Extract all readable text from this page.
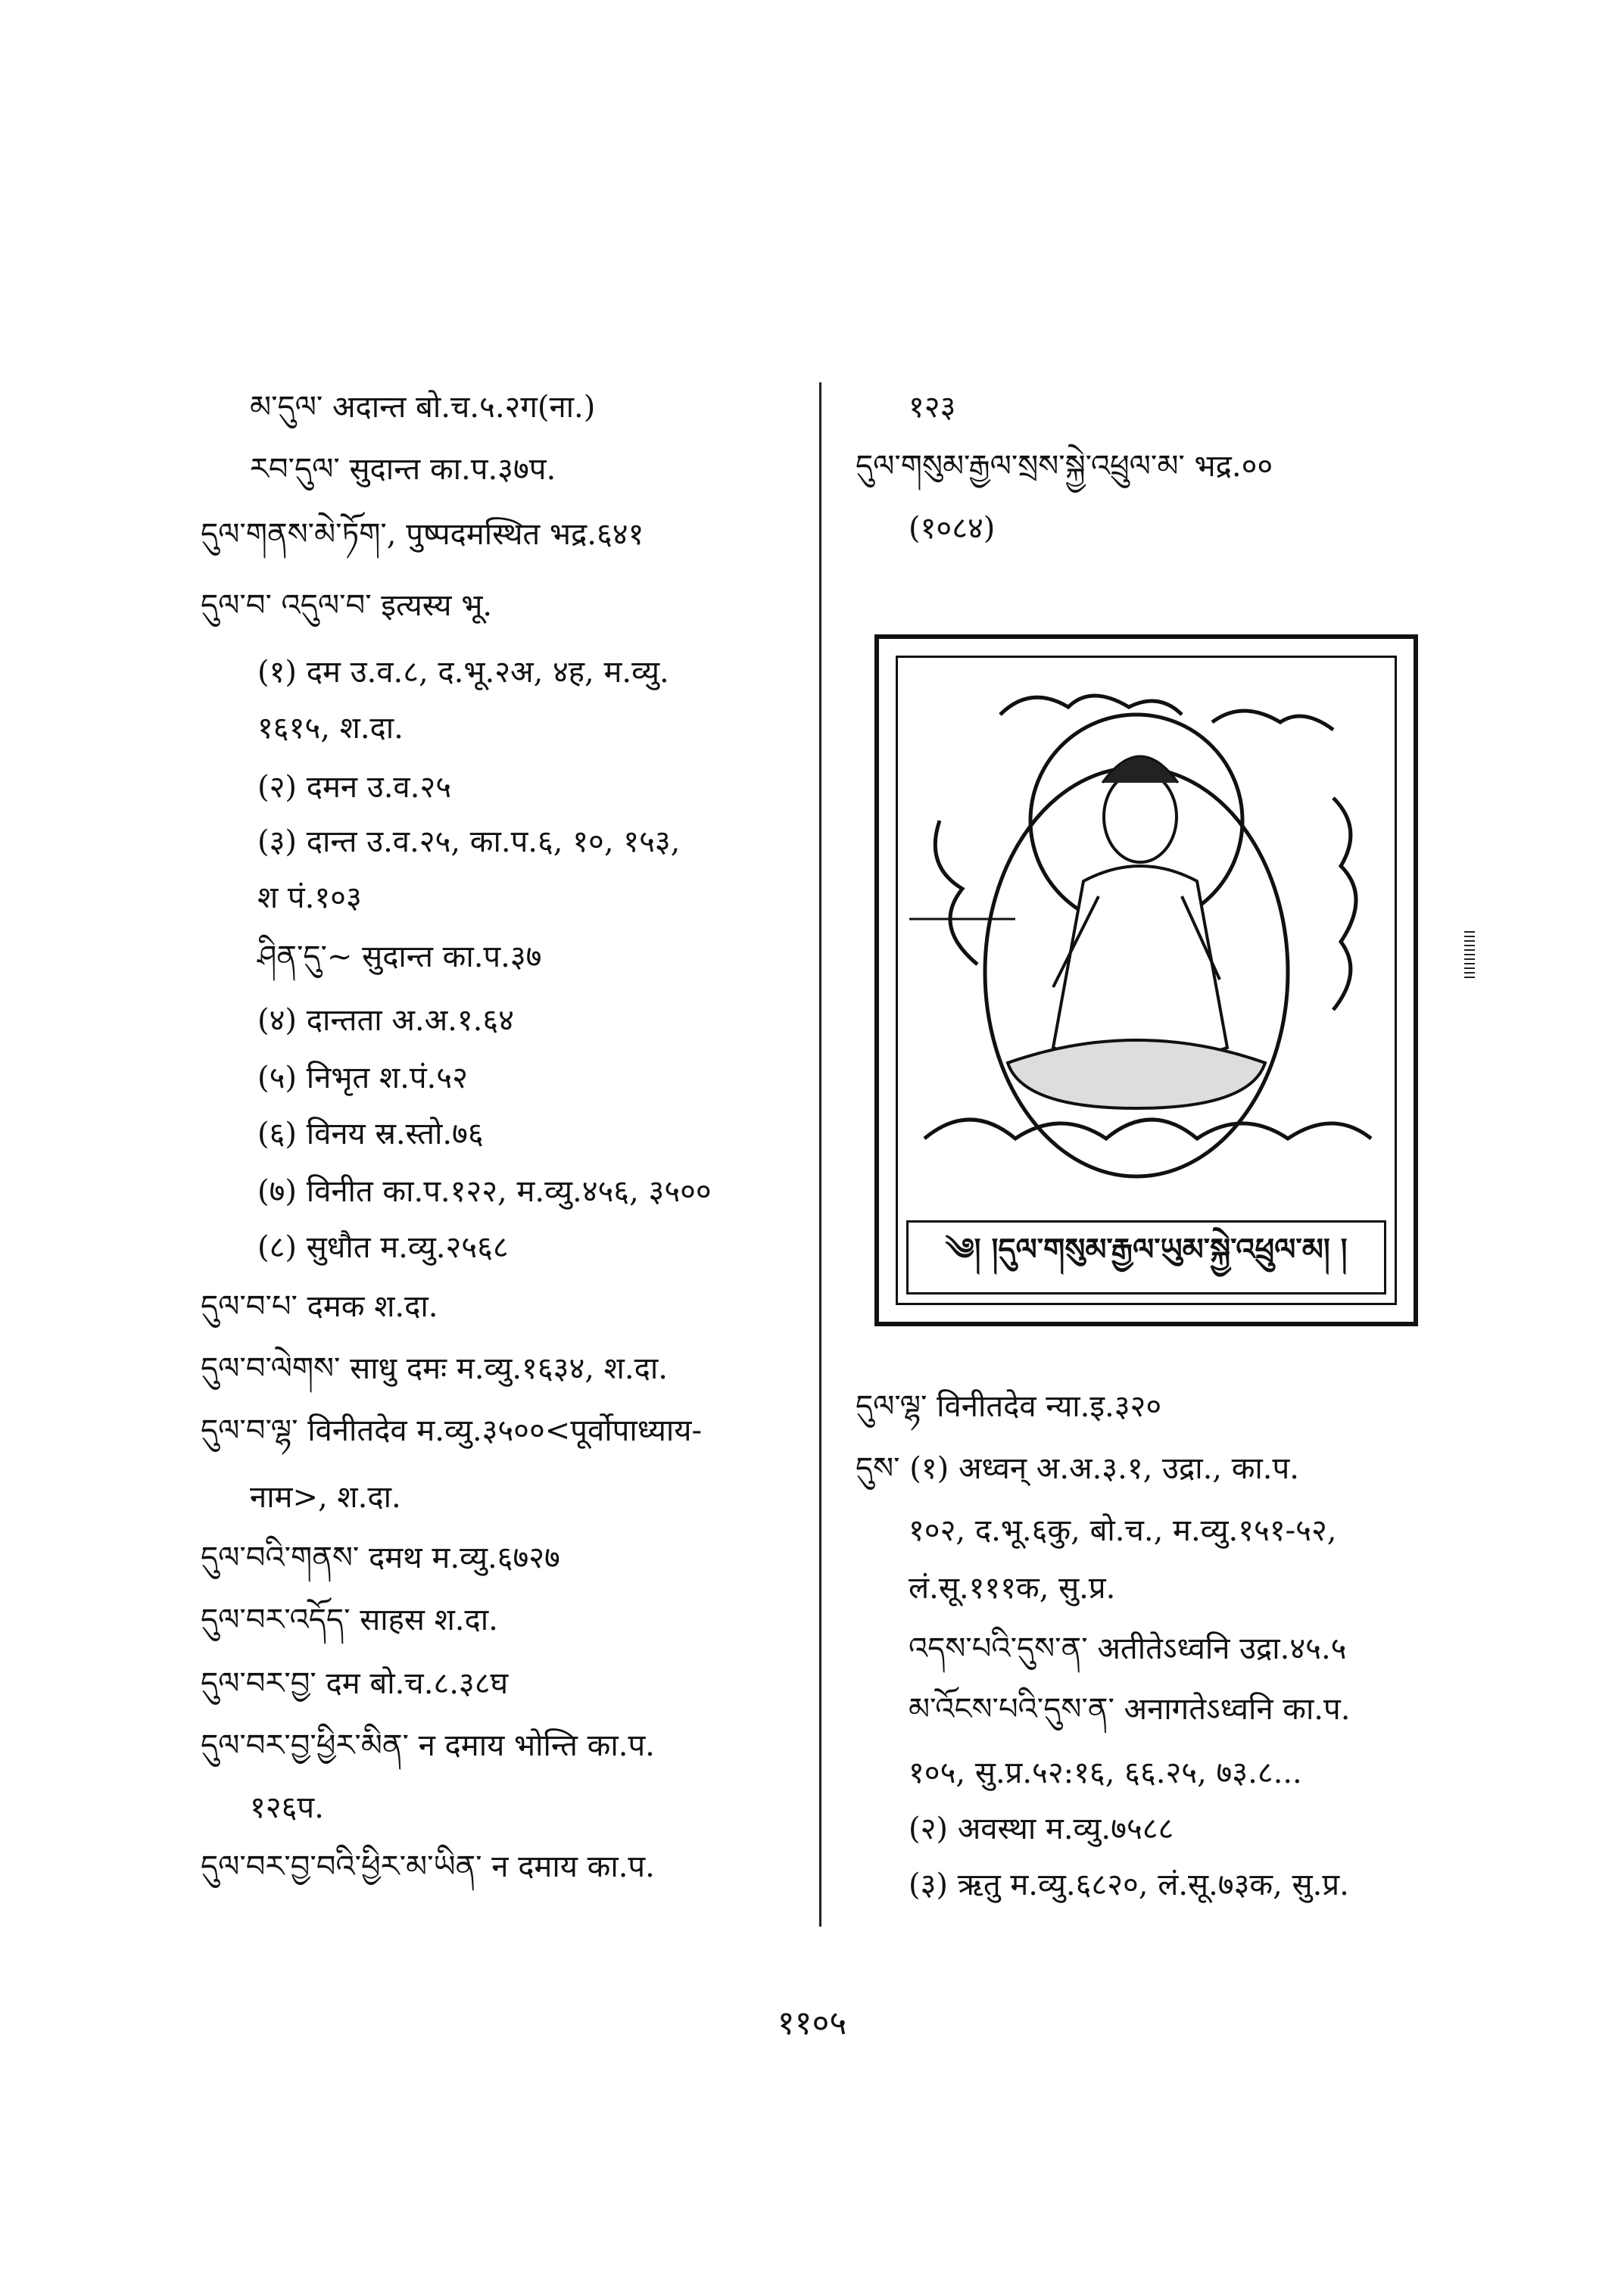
མ་དུལ་ अदान्त बो.च.५.२ग(ना.)
རབ་དུལ་ सुदान्त का.प.३७प.
དུལ་གནས་མེ་ཏོག་, पुष्पदमस्थित भद्र.६४१
དུལ་བ་ འདུལ་བ་ इत्यस्य भू.
(१) दम उ.व.८, द.भू.२अ, ४ह, म.व्यु.
१६१५, श.दा.
(२) दमन उ.व.२५
(३) दान्त उ.व.२५, का.प.६, १०, १५३,
श पं.१०३
ཤིན་དུ་~ सुदान्त का.प.३७
(४) दान्तता अ.अ.१.६४
(५) निभृत श.पं.५२
(६) विनय स्र.स्तो.७६
(७) विनीत का.प.१२२, म.व्यु.४५६, ३५००
(८) सुधौत म.व्यु.२५६८
དུལ་བ་པ་ दमक श.दा.
དུལ་བ་ལེགས་ साधु दमः म.व्यु.१६३४, श.दा.
དུལ་བ་ལྷ་ विनीतदेव म.व्यु.३५००<पूर्वोपाध्याय-
नाम>, श.दा.
དུལ་བའི་གནས་ दमथ म.व्यु.६७२७
དུལ་བར་འདོད་ साहस श.दा.
དུལ་བར་བྱ་ दम बो.च.८.३८घ
དུལ་བར་བྱ་ཕྱིར་མིན་ न दमाय भोन्ति का.प.
१२६प.
དུལ་བར་བྱ་བའི་ཕྱིར་མ་ཡིན་ न दमाय का.प.
१२३
དུལ་གསུམ་རྒྱལ་སྲས་སྐྱེ་འཕྲུལ་མ་ भद्र.००
(१०८४)
༄། །དུལ་གསུམ་རྒྱལ་ཡུམ་སྐྱེ་འཕྲུལ་མ། །
དུལ་ལྷ་ विनीतदेव न्या.इ.३२०
དུས་ (१) अध्वन् अ.अ.३.१, उद्रा., का.प.
१०२, द.भू.६कु, बो.च., म.व्यु.१५१-५२,
लं.सू.१११क, सु.प्र.
འདས་པའི་དུས་ན་ अतीतेऽध्वनि उद्रा.४५.५
མ་འོངས་པའི་དུས་ན་ अनागतेऽध्वनि का.प.
१०५, सु.प्र.५२:१६, ६६.२५, ७३.८...
(२) अवस्था म.व्यु.७५८८
(३) ऋतु म.व्यु.६८२०, लं.सू.७३क, सु.प्र.
११०५
